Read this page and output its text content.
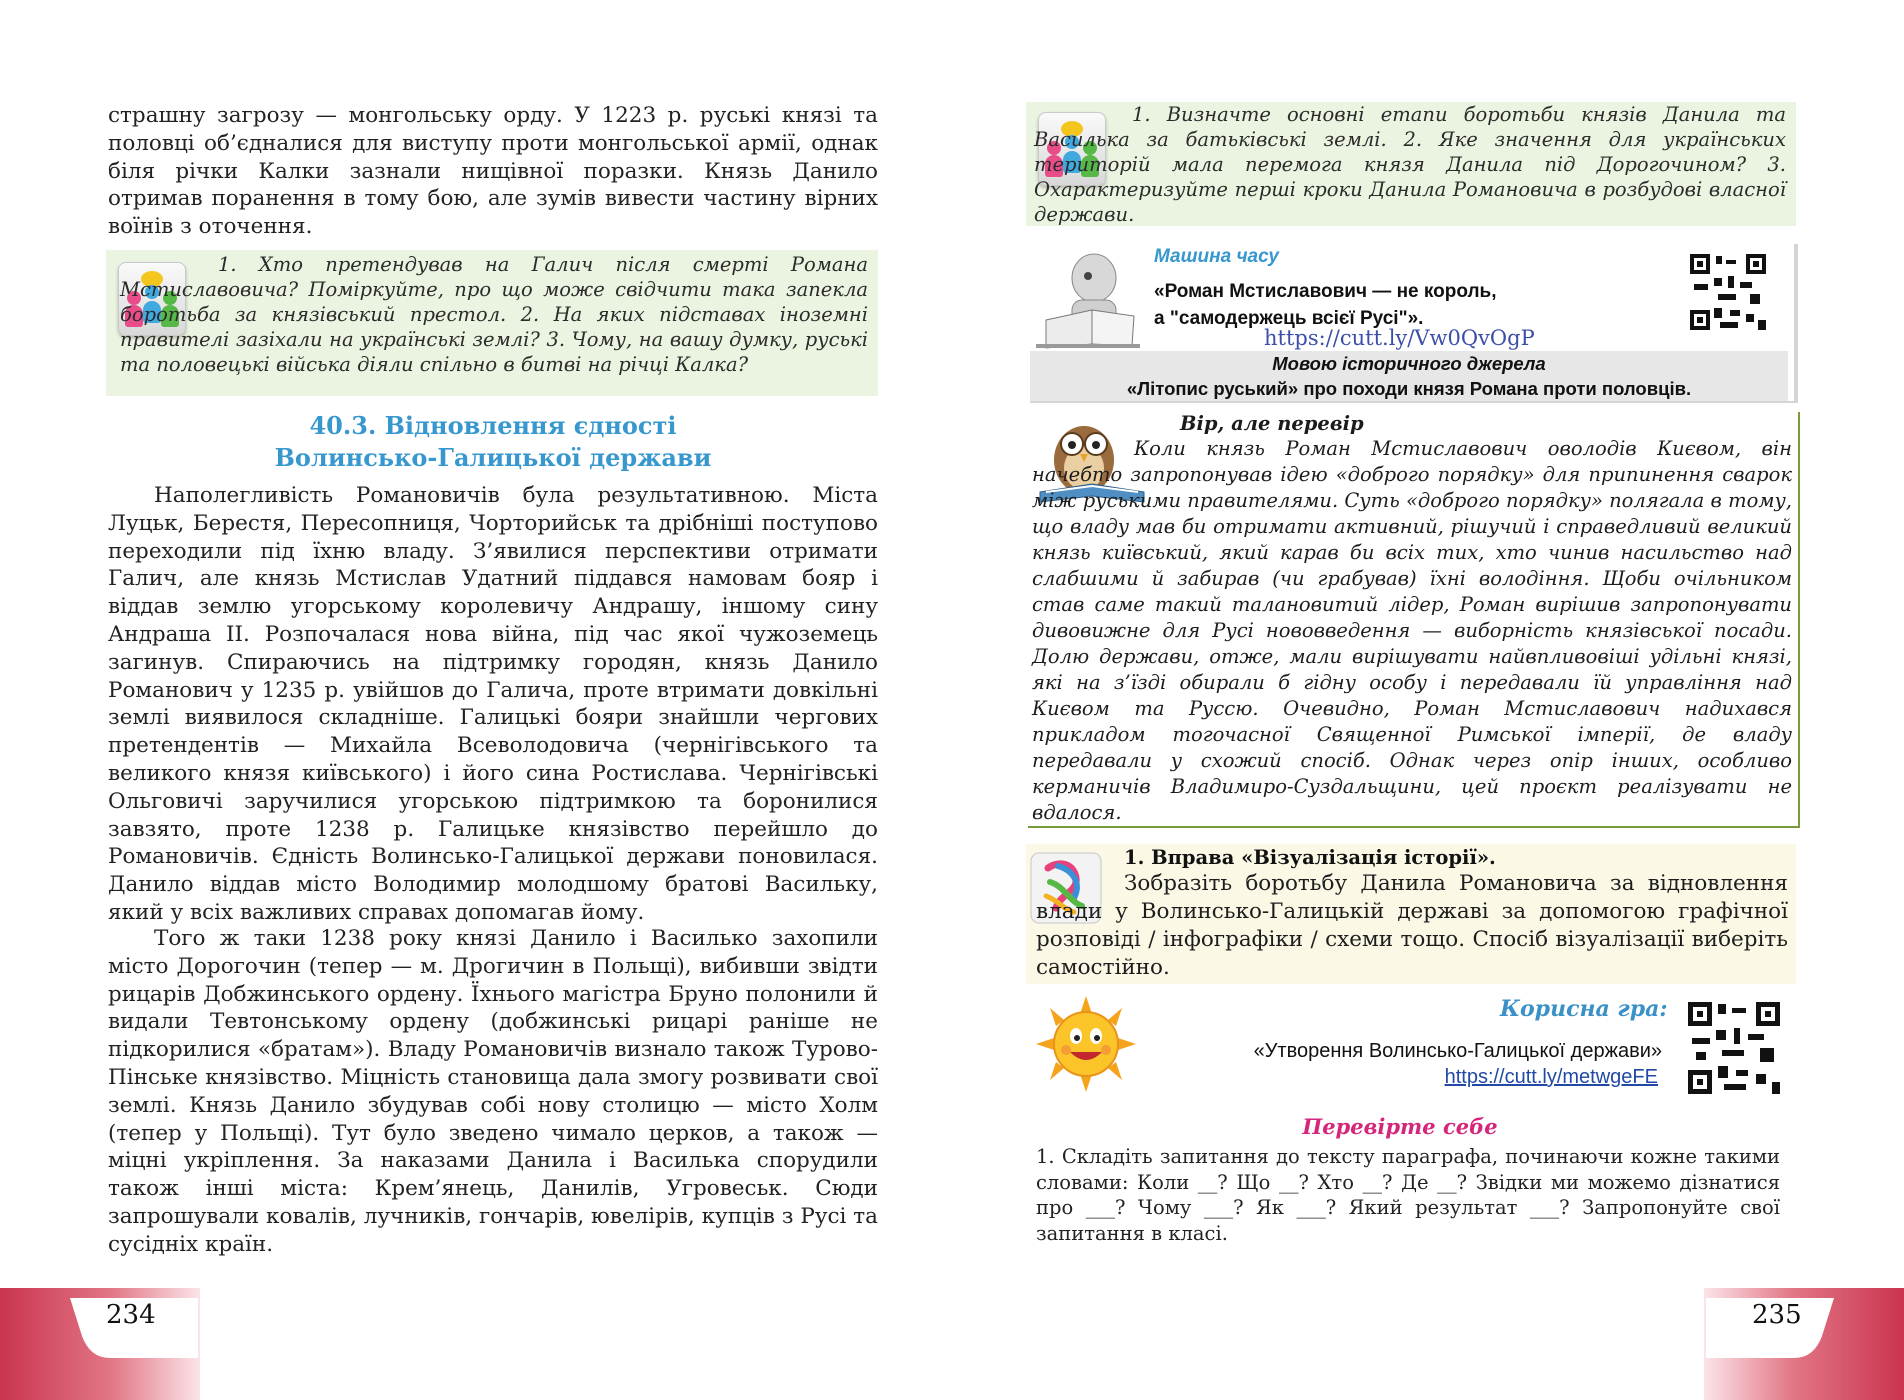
страшну загрозу — монгольську орду. У 1223 р. руські князі та половці об’єдналися для виступу проти монгольської армії, однак біля річки Калки зазнали нищівної поразки. Князь Данило отримав поранення в тому бою, але зумів вивести частину вірних воїнів з оточення.

1. Хто претендував на Галич після смерті Романа Мстиславовича? Поміркуйте, про що може свідчити така запекла боротьба за князівський престол. 2. На яких підставах іноземні правителі зазіхали на українські землі? 3. Чому, на вашу думку, руські та половецькі війська діяли спільно в битві на річці Калка?

40.3. Відновлення єдності
Волинсько-Галицької держави

Наполегливість Романовичів була результативною. Міста Луцьк, Берестя, Пересопниця, Чорторийськ та дрібніші поступово переходили під їхню владу. З’явилися перспективи отримати Галич, але князь Мстислав Удатний піддався намовам бояр і віддав землю угорському королевичу Андрашу, іншому сину Андраша ІІ. Розпочалася нова війна, під час якої чужоземець загинув. Спираючись на підтримку городян, князь Данило Романович у 1235 р. увійшов до Галича, проте втримати довкільні землі виявилося складніше. Галицькі бояри знайшли чергових претендентів — Михайла Всеволодовича (чернігівського та великого князя київського) і його сина Ростислава. Чернігівські Ольговичі заручилися угорською підтримкою та боронилися завзято, проте 1238 р. Галицьке князівство перейшло до Романовичів. Єдність Волинсько-Галицької держави поновилася. Данило віддав місто Володимир молодшому братові Васильку, який у всіх важливих справах допомагав йому.

Того ж таки 1238 року князі Данило і Василько захопили місто Дорогочин (тепер — м. Дрогичин в Польщі), вибивши звідти рицарів Добжинського ордену. Їхнього магістра Бруно полонили й видали Тевтонському ордену (добжинські рицарі раніше не підкорилися «братам»). Владу Романовичів визнало також Турово-Пінське князівство. Міцність становища дала змогу розвивати свої землі. Князь Данило збудував собі нову столицю — місто Холм (тепер у Польщі). Тут було зведено чимало церков, а також — міцні укріплення. За наказами Данила і Василька спорудили також інші міста: Крем’янець, Данилів, Угровеськ. Сюди запрошували ковалів, лучників, гончарів, ювелірів, купців з Русі та сусідніх країн.

234

1. Визначте основні етапи боротьби князів Данила та Василька за батьківські землі. 2. Яке значення для українських територій мала перемога князя Данила під Дорогочином? 3. Охарактеризуйте перші кроки Данила Романовича в розбудові власної держави.

Машина часу
«Роман Мстиславович — не король,
а "самодержець всієї Русі"».
https://cutt.ly/Vw0QvOgP
Мовою історичного джерела
«Літопис руський» про походи князя Романа проти половців.
Вір, але перевір

Коли князь Роман Мстиславович оволодів Києвом, він начебто запропонував ідею «доброго порядку» для припинення сварок між руськими правителями. Суть «доброго порядку» полягала в тому, що владу мав би отримати активний, рішучий і справедливий великий князь київський, який карав би всіх тих, хто чинив насильство над слабшими й забирав (чи грабував) їхні володіння. Щоби очільником став саме такий талановитий лідер, Роман вирішив запропонувати дивовижне для Русі нововведення — виборність князівської посади. Долю держави, отже, мали вирішувати найвпливовіші удільні князі, які на з’їзді обирали б гідну особу і передавали їй управління над Києвом та Руссю. Очевидно, Роман Мстиславович надихався прикладом тогочасної Священної Римської імперії, де владу передавали у схожий спосіб. Однак через опір інших, особливо керманичів Владимиро-Суздальщини, цей проєкт реалізувати не вдалося.

1. Вправа «Візуалізація історії».

Зобразіть боротьбу Данила Романовича за відновлення влади у Волинсько-Галицькій державі за допомогою графічної розповіді / інфографіки / схеми тощо. Спосіб візуалізації виберіть самостійно.

Корисна гра:
«Утворення Волинсько-Галицької держави»
https://cutt.ly/metwgeFE
Перевірте себе

1. Складіть запитання до тексту параграфа, починаючи кожне такими словами: Коли __? Що __? Хто __? Де __? Звідки ми можемо дізнатися про ___? Чому ___? Як ___? Який результат ___? Запропонуйте свої запитання в класі.

235
